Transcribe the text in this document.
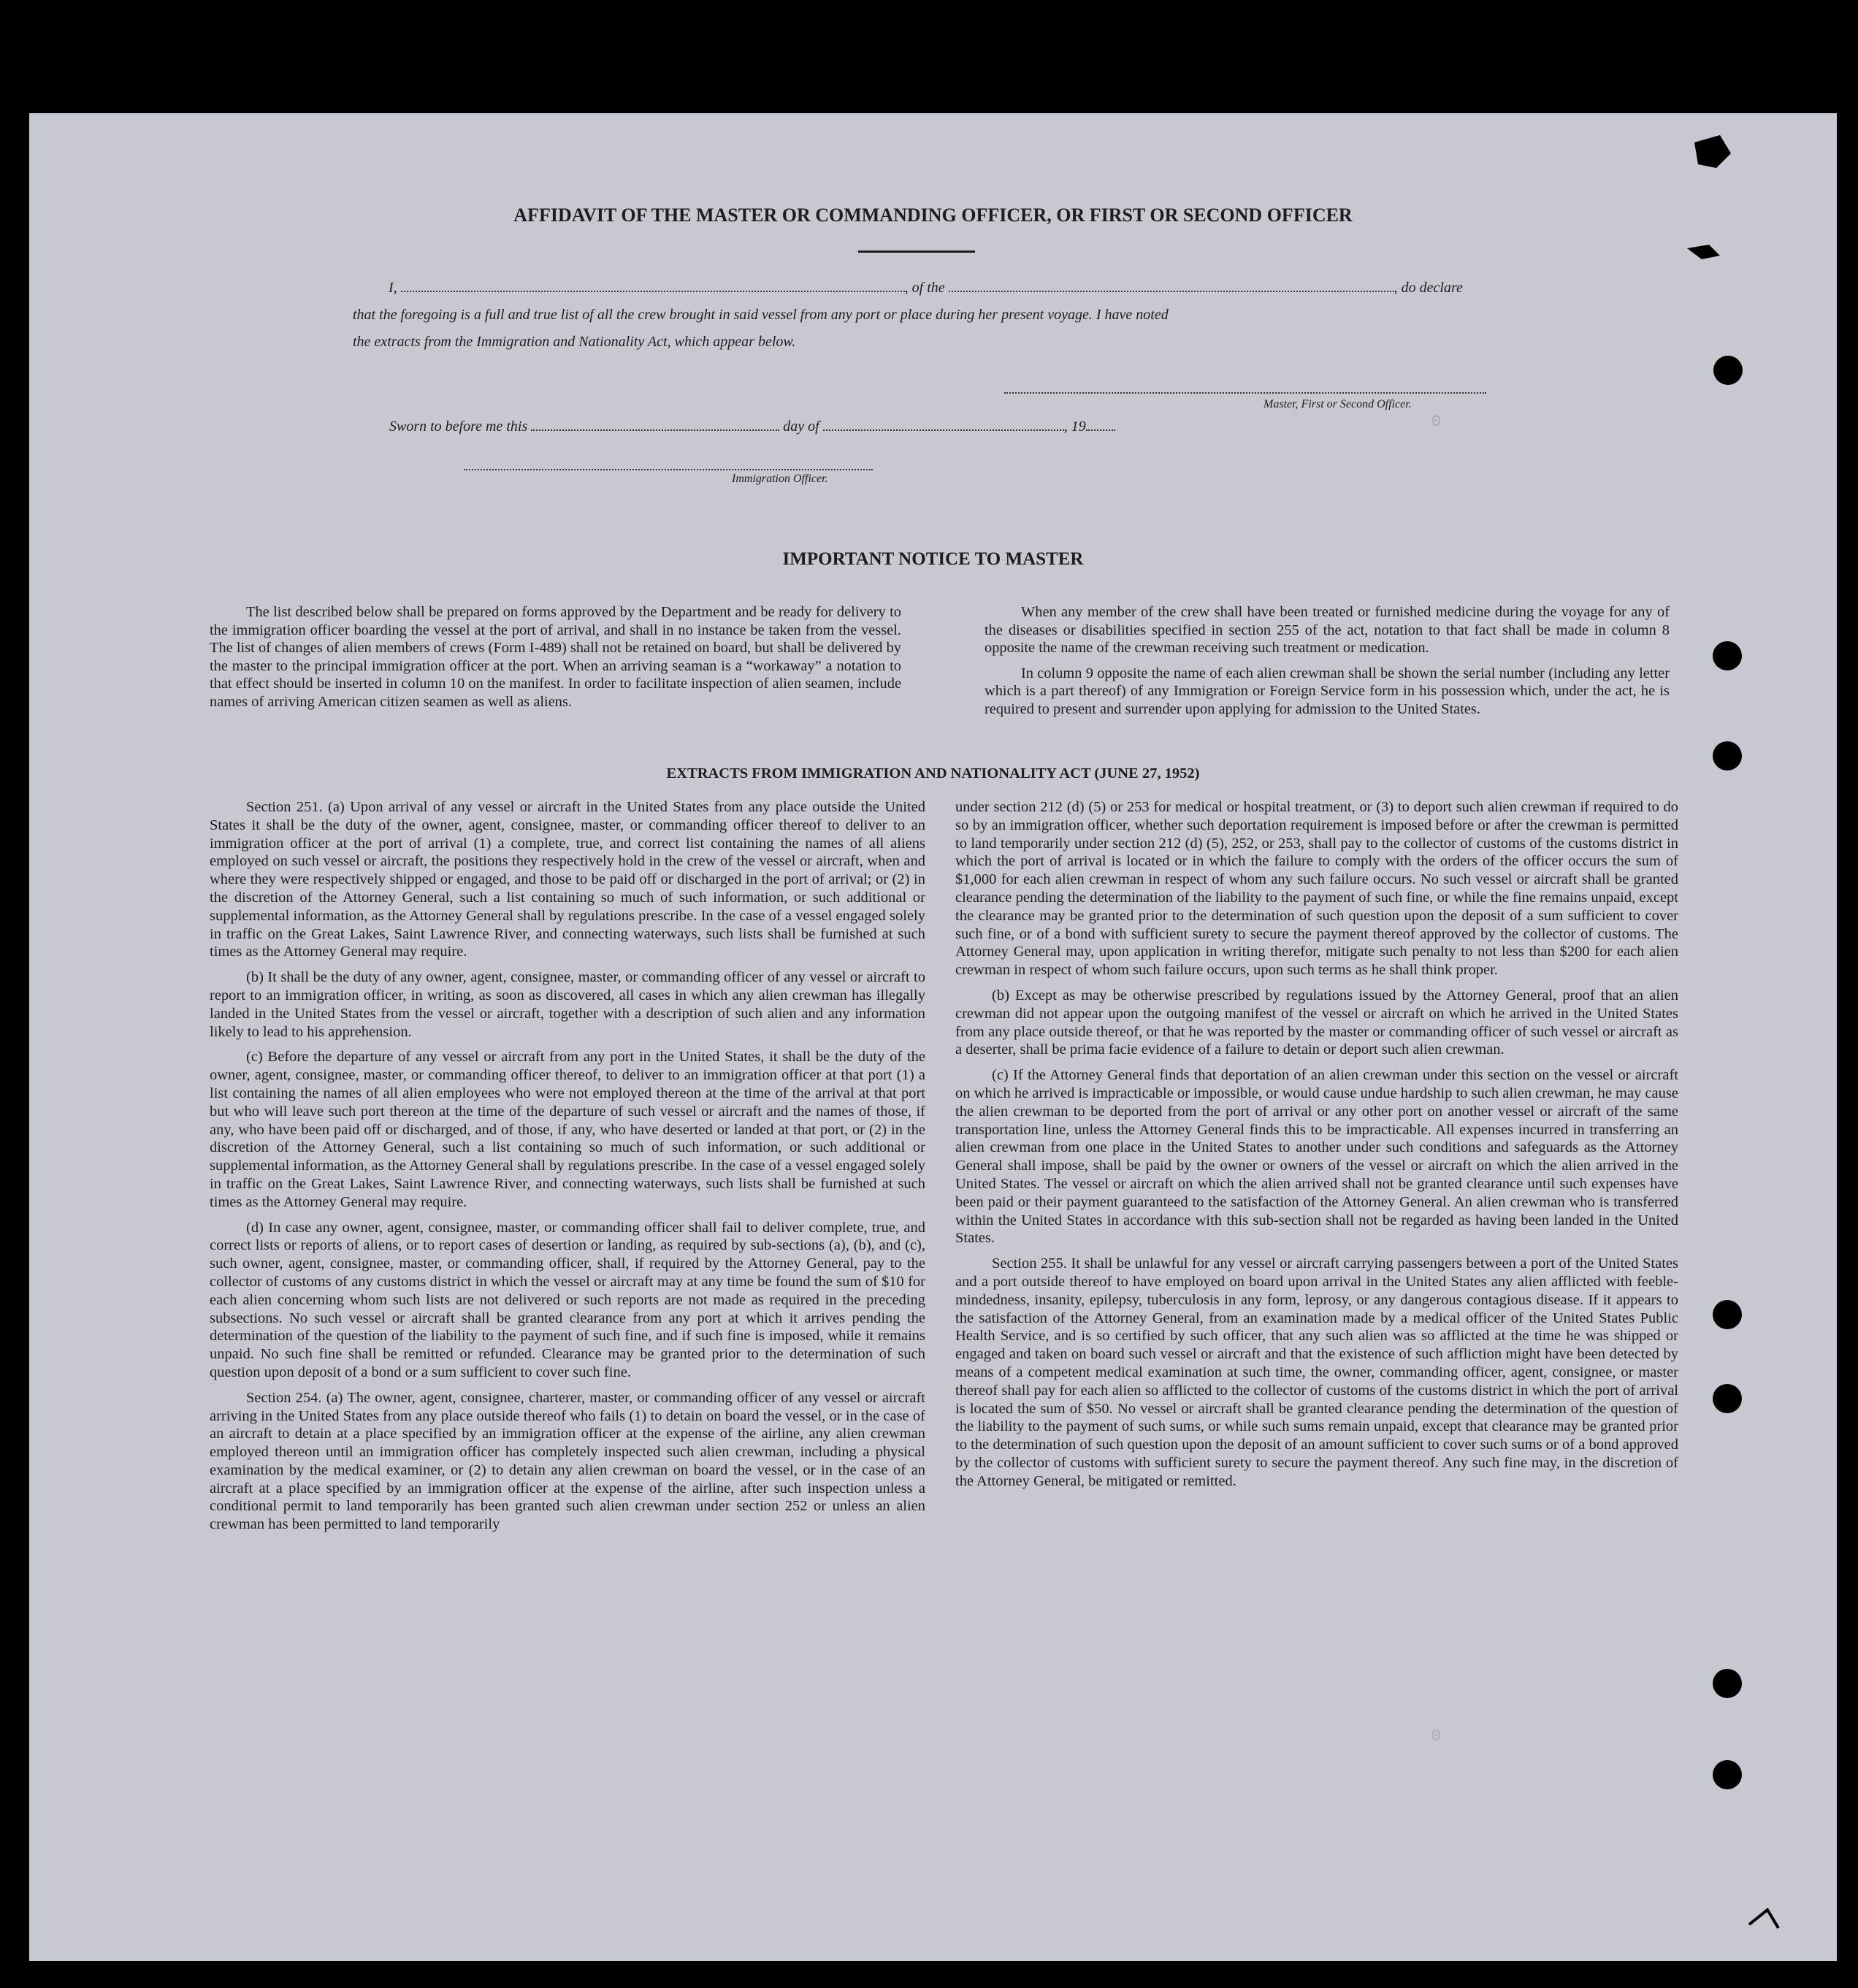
0
0
AFFIDAVIT OF THE MASTER OR COMMANDING OFFICER, OR FIRST OR SECOND OFFICER
I,	, of the	, do declare
that the foregoing is a full and true list of all the crew brought in said vessel from any port or place during her present voyage. I have noted
the extracts from the Immigration and Nationality Act, which appear below.
Master, First or Second Officer.
Sworn to before me this	day of	, 19
Immigration Officer.
IMPORTANT NOTICE TO MASTER

The list described below shall be prepared on forms approved by the Department and be ready for delivery to the immigration officer boarding the vessel at the port of arrival, and shall in no instance be taken from the vessel. The list of changes of alien members of crews (Form I-489) shall not be retained on board, but shall be delivered by the master to the principal immigration officer at the port. When an arriving seaman is a “workaway” a notation to that effect should be inserted in column 10 on the manifest. In order to facilitate inspection of alien seamen, include names of arriving American citizen seamen as well as aliens.

When any member of the crew shall have been treated or furnished medicine during the voyage for any of the diseases or disabilities specified in section 255 of the act, notation to that fact shall be made in column 8 opposite the name of the crewman receiving such treatment or medication.

In column 9 opposite the name of each alien crewman shall be shown the serial number (including any letter which is a part thereof) of any Immigration or Foreign Service form in his possession which, under the act, he is required to present and surrender upon applying for admission to the United States.

EXTRACTS FROM IMMIGRATION AND NATIONALITY ACT (JUNE 27, 1952)

Section 251. (a) Upon arrival of any vessel or aircraft in the United States from any place outside the United States it shall be the duty of the owner, agent, consignee, master, or commanding officer thereof to deliver to an immigration officer at the port of arrival (1) a complete, true, and correct list containing the names of all aliens employed on such vessel or aircraft, the positions they respectively hold in the crew of the vessel or aircraft, when and where they were respectively shipped or engaged, and those to be paid off or discharged in the port of arrival; or (2) in the discretion of the Attorney General, such a list containing so much of such information, or such additional or supplemental information, as the Attorney General shall by regulations prescribe. In the case of a vessel engaged solely in traffic on the Great Lakes, Saint Lawrence River, and connecting waterways, such lists shall be furnished at such times as the Attorney General may require.

(b) It shall be the duty of any owner, agent, consignee, master, or commanding officer of any vessel or aircraft to report to an immigration officer, in writing, as soon as discovered, all cases in which any alien crewman has illegally landed in the United States from the vessel or aircraft, together with a description of such alien and any information likely to lead to his apprehension.

(c) Before the departure of any vessel or aircraft from any port in the United States, it shall be the duty of the owner, agent, consignee, master, or commanding officer thereof, to deliver to an immigration officer at that port (1) a list containing the names of all alien employees who were not employed thereon at the time of the arrival at that port but who will leave such port thereon at the time of the departure of such vessel or aircraft and the names of those, if any, who have been paid off or discharged, and of those, if any, who have deserted or landed at that port, or (2) in the discretion of the Attorney General, such a list containing so much of such information, or such additional or supplemental information, as the Attorney General shall by regulations prescribe. In the case of a vessel engaged solely in traffic on the Great Lakes, Saint Lawrence River, and connecting waterways, such lists shall be furnished at such times as the Attorney General may require.

(d) In case any owner, agent, consignee, master, or commanding officer shall fail to deliver complete, true, and correct lists or reports of aliens, or to report cases of desertion or landing, as required by sub-sections (a), (b), and (c), such owner, agent, consignee, master, or commanding officer, shall, if required by the Attorney General, pay to the collector of customs of any customs district in which the vessel or aircraft may at any time be found the sum of $10 for each alien concerning whom such lists are not delivered or such reports are not made as required in the preceding subsections. No such vessel or aircraft shall be granted clearance from any port at which it arrives pending the determination of the question of the liability to the payment of such fine, and if such fine is imposed, while it remains unpaid. No such fine shall be remitted or refunded. Clearance may be granted prior to the determination of such question upon deposit of a bond or a sum sufficient to cover such fine.

Section 254. (a) The owner, agent, consignee, charterer, master, or commanding officer of any vessel or aircraft arriving in the United States from any place outside thereof who fails (1) to detain on board the vessel, or in the case of an aircraft to detain at a place specified by an immigration officer at the expense of the airline, any alien crewman employed thereon until an immigration officer has completely inspected such alien crewman, including a physical examination by the medical examiner, or (2) to detain any alien crewman on board the vessel, or in the case of an aircraft at a place specified by an immigration officer at the expense of the airline, after such inspection unless a conditional permit to land temporarily has been granted such alien crewman under section 252 or unless an alien crewman has been permitted to land temporarily

under section 212 (d) (5) or 253 for medical or hospital treatment, or (3) to deport such alien crewman if required to do so by an immigration officer, whether such deportation requirement is imposed before or after the crewman is permitted to land temporarily under section 212 (d) (5), 252, or 253, shall pay to the collector of customs of the customs district in which the port of arrival is located or in which the failure to comply with the orders of the officer occurs the sum of $1,000 for each alien crewman in respect of whom any such failure occurs. No such vessel or aircraft shall be granted clearance pending the determination of the liability to the payment of such fine, or while the fine remains unpaid, except the clearance may be granted prior to the determination of such question upon the deposit of a sum sufficient to cover such fine, or of a bond with sufficient surety to secure the payment thereof approved by the collector of customs. The Attorney General may, upon application in writing therefor, mitigate such penalty to not less than $200 for each alien crewman in respect of whom such failure occurs, upon such terms as he shall think proper.

(b) Except as may be otherwise prescribed by regulations issued by the Attorney General, proof that an alien crewman did not appear upon the outgoing manifest of the vessel or aircraft on which he arrived in the United States from any place outside thereof, or that he was reported by the master or commanding officer of such vessel or aircraft as a deserter, shall be prima facie evidence of a failure to detain or deport such alien crewman.

(c) If the Attorney General finds that deportation of an alien crewman under this section on the vessel or aircraft on which he arrived is impracticable or impossible, or would cause undue hardship to such alien crewman, he may cause the alien crewman to be deported from the port of arrival or any other port on another vessel or aircraft of the same transportation line, unless the Attorney General finds this to be impracticable. All expenses incurred in transferring an alien crewman from one place in the United States to another under such conditions and safeguards as the Attorney General shall impose, shall be paid by the owner or owners of the vessel or aircraft on which the alien arrived in the United States. The vessel or aircraft on which the alien arrived shall not be granted clearance until such expenses have been paid or their payment guaranteed to the satisfaction of the Attorney General. An alien crewman who is transferred within the United States in accordance with this sub-section shall not be regarded as having been landed in the United States.

Section 255. It shall be unlawful for any vessel or aircraft carrying passengers between a port of the United States and a port outside thereof to have employed on board upon arrival in the United States any alien afflicted with feeble-mindedness, insanity, epilepsy, tuberculosis in any form, leprosy, or any dangerous contagious disease. If it appears to the satisfaction of the Attorney General, from an examination made by a medical officer of the United States Public Health Service, and is so certified by such officer, that any such alien was so afflicted at the time he was shipped or engaged and taken on board such vessel or aircraft and that the existence of such affliction might have been detected by means of a competent medical examination at such time, the owner, commanding officer, agent, consignee, or master thereof shall pay for each alien so afflicted to the collector of customs of the customs district in which the port of arrival is located the sum of $50. No vessel or aircraft shall be granted clearance pending the determination of the question of the liability to the payment of such sums, or while such sums remain unpaid, except that clearance may be granted prior to the determination of such question upon the deposit of an amount sufficient to cover such sums or of a bond approved by the collector of customs with sufficient surety to secure the payment thereof. Any such fine may, in the discretion of the Attorney General, be mitigated or remitted.
